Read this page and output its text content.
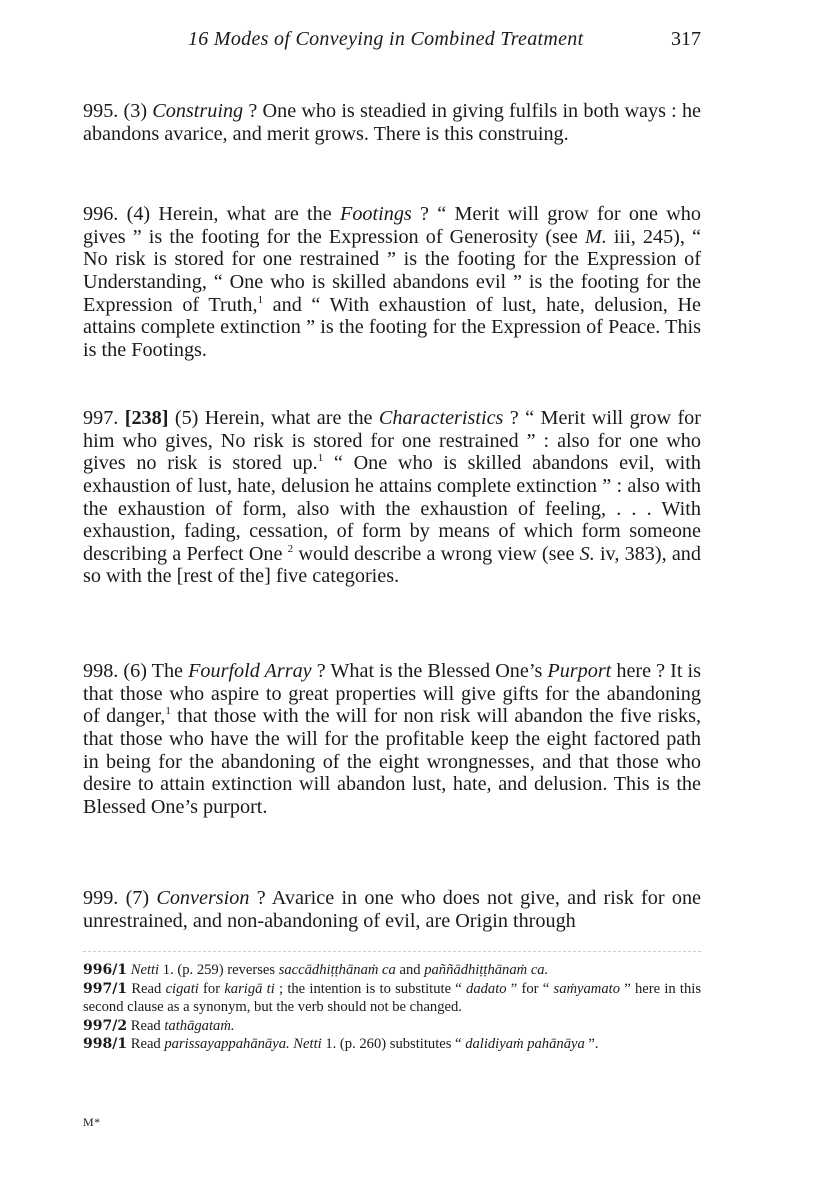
16 Modes of Conveying in Combined Treatment	317

995. (3) Construing ? One who is steadied in giving fulfils in both ways : he abandons avarice, and merit grows. There is this construing.

996. (4) Herein, what are the Footings ? “ Merit will grow for one who gives ” is the footing for the Expression of Generosity (see M. iii, 245), “ No risk is stored for one restrained ” is the footing for the Expression of Understanding, “ One who is skilled abandons evil ” is the footing for the Expression of Truth,$^1$ and “ With exhaustion of lust, hate, delusion, He attains complete extinction ” is the footing for the Expression of Peace. This is the Footings.

997. [238] (5) Herein, what are the Characteristics ? “ Merit will grow for him who gives, No risk is stored for one restrained ” : also for one who gives no risk is stored up.$^1$ “ One who is skilled abandons evil, with exhaustion of lust, hate, delusion he attains complete extinction ” : also with the exhaustion of form, also with the exhaustion of feeling, . . . With exhaustion, fading, cessation, of form by means of which form someone describing a Perfect One $^2$ would describe a wrong view (see S. iv, 383), and so with the [rest of the] five categories.

998. (6) The Fourfold Array ? What is the Blessed One’s Purport here ? It is that those who aspire to great properties will give gifts for the abandoning of danger,$^1$ that those with the will for non risk will abandon the five risks, that those who have the will for the profitable keep the eight factored path in being for the abandoning of the eight wrongnesses, and that those who desire to attain extinction will abandon lust, hate, and delusion. This is the Blessed One’s purport.

999. (7) Conversion ? Avarice in one who does not give, and risk for one unrestrained, and non-abandoning of evil, are Origin through

996/1 Netti 1. (p. 259) reverses saccādhiṭṭhānaṁ ca and paññādhiṭṭhānaṁ ca.
997/1 Read cigati for karigā ti ; the intention is to substitute “ dadato ” for “ saṁyamato ” here in this second clause as a synonym, but the verb should not be changed.
997/2 Read tathāgataṁ.
998/1 Read parissayappahānāya. Netti 1. (p. 260) substitutes “ dalidiyaṁ pahānāya ”.
M*
